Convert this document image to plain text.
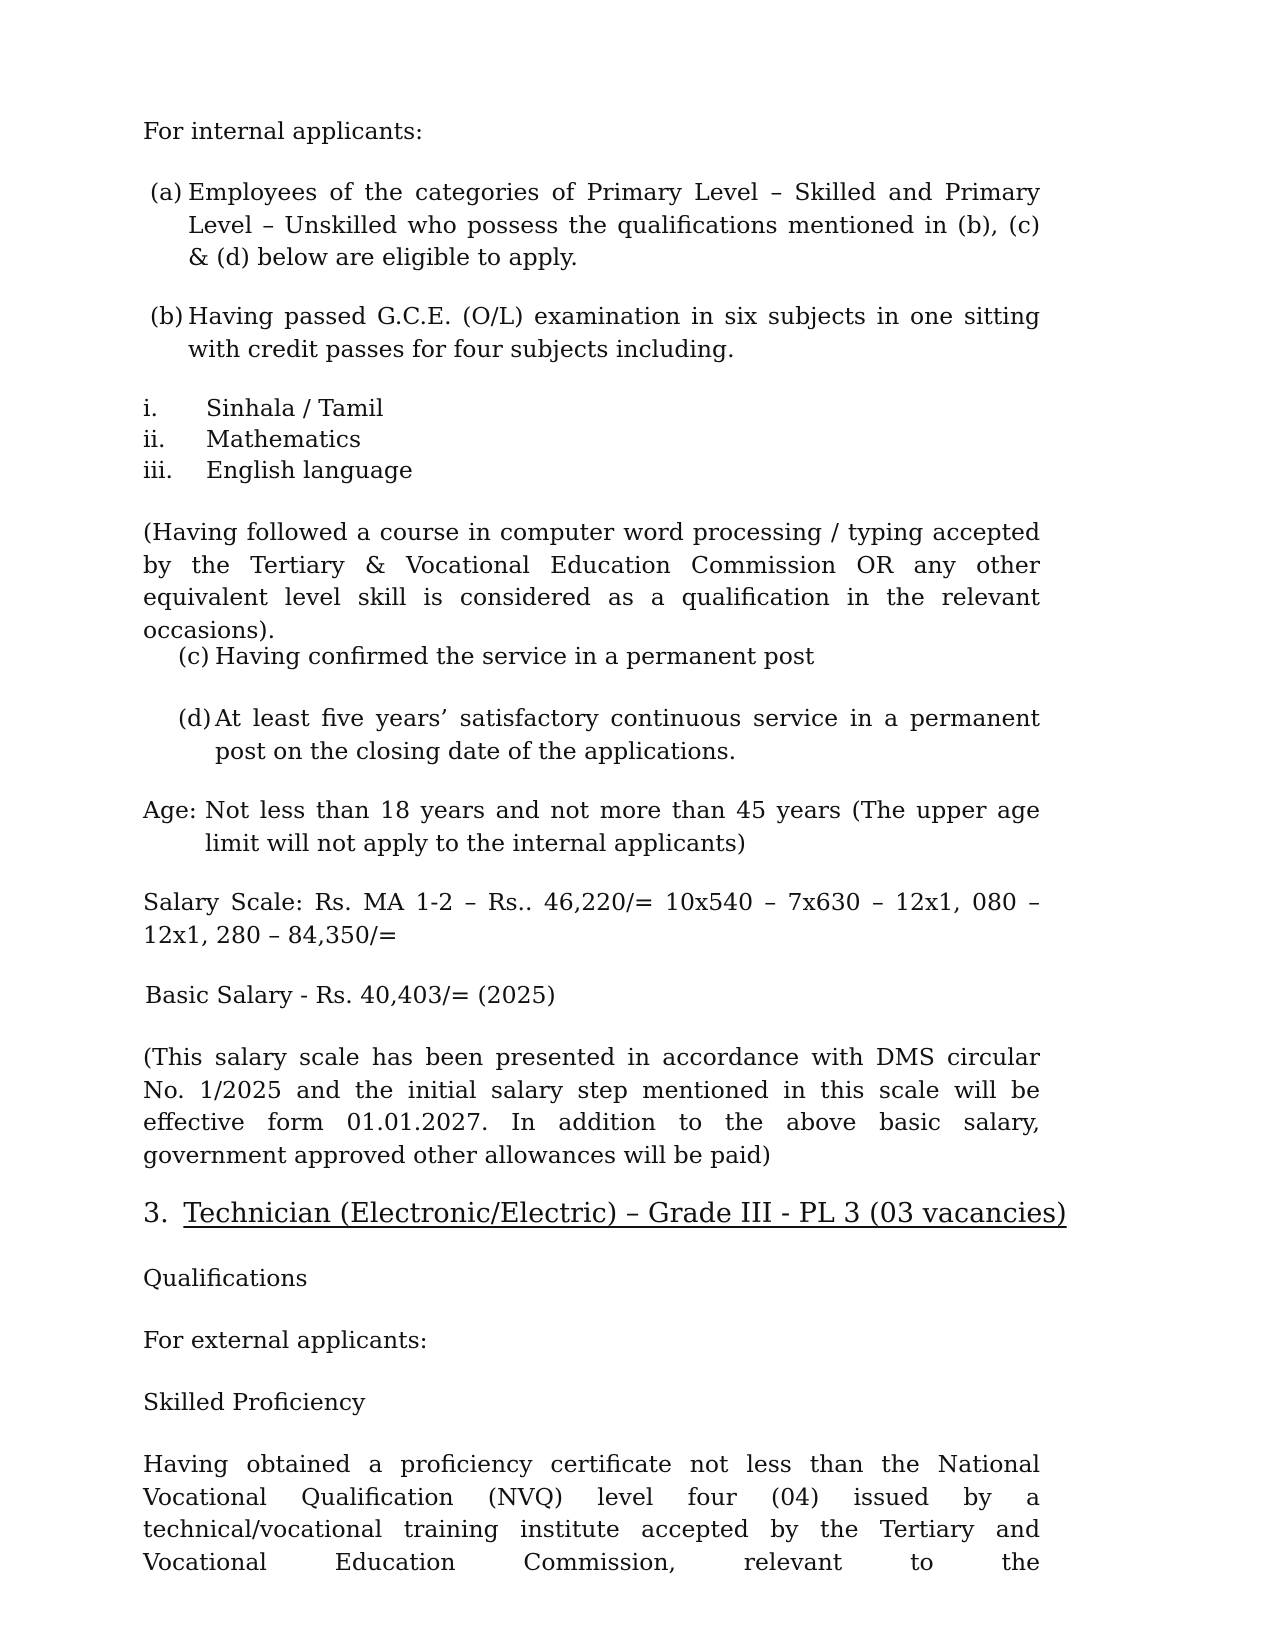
For internal applicants:
(a) Employees of the categories of Primary Level – Skilled and Primary Level – Unskilled who possess the qualifications mentioned in (b), (c) & (d) below are eligible to apply.
(b) Having passed G.C.E. (O/L) examination in six subjects in one sitting with credit passes for four subjects including.
i. Sinhala / Tamil
ii. Mathematics
iii. English language
(Having followed a course in computer word processing / typing accepted by the Tertiary & Vocational Education Commission OR any other equivalent level skill is considered as a qualification in the relevant occasions).
(c) Having confirmed the service in a permanent post
(d) At least five years’ satisfactory continuous service in a permanent post on the closing date of the applications.
Age: Not less than 18 years and not more than 45 years (The upper age limit will not apply to the internal applicants)
Salary Scale: Rs. MA 1-2 – Rs.. 46,220/= 10x540 – 7x630 – 12x1, 080 – 12x1, 280 – 84,350/=
Basic Salary - Rs. 40,403/= (2025)
(This salary scale has been presented in accordance with DMS circular No. 1/2025 and the initial salary step mentioned in this scale will be effective form 01.01.2027. In addition to the above basic salary, government approved other allowances will be paid)
3. Technician (Electronic/Electric) – Grade III - PL 3 (03 vacancies)
Qualifications
For external applicants:
Skilled Proficiency
Having obtained a proficiency certificate not less than the National Vocational Qualification (NVQ) level four (04) issued by a technical/vocational training institute accepted by the Tertiary and Vocational Education Commission, relevant to the
